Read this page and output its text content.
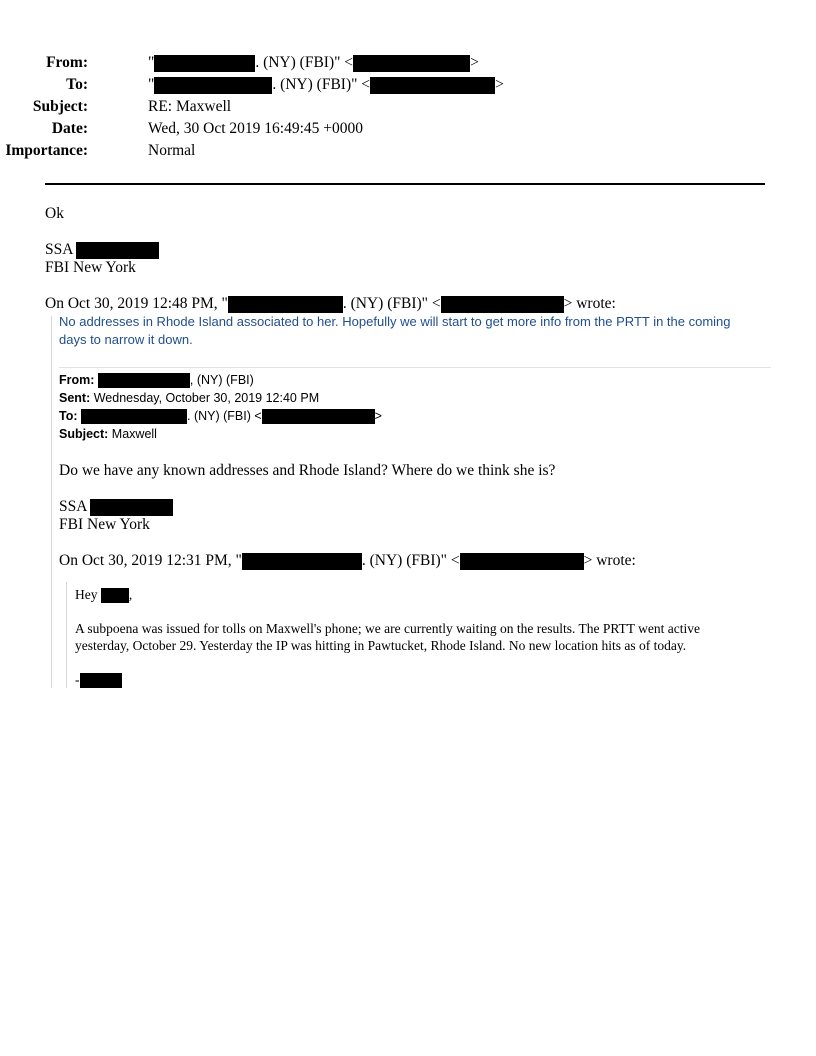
From:	"	. (NY) (FBI)" <	>
To:	"	. (NY) (FBI)" <	>
Subject:	RE: Maxwell
Date:	Wed, 30 Oct 2019 16:49:45 +0000
Importance:	Normal
Ok
SSA
FBI New York
On Oct 30, 2019 12:48 PM, "	. (NY) (FBI)" <	> wrote:
No addresses in Rhode Island associated to her. Hopefully we will start to get more info from the PRTT in the coming
days to narrow it down.
From:	, (NY) (FBI)
Sent: Wednesday, October 30, 2019 12:40 PM
To:	. (NY) (FBI) <	>
Subject: Maxwell
Do we have any known addresses and Rhode Island? Where do we think she is?
SSA
FBI New York
On Oct 30, 2019 12:31 PM, "	. (NY) (FBI)" <	> wrote:
Hey ,
A subpoena was issued for tolls on Maxwell's phone; we are currently waiting on the results. The PRTT went active
yesterday, October 29. Yesterday the IP was hitting in Pawtucket, Rhode Island. No new location hits as of today.
-
